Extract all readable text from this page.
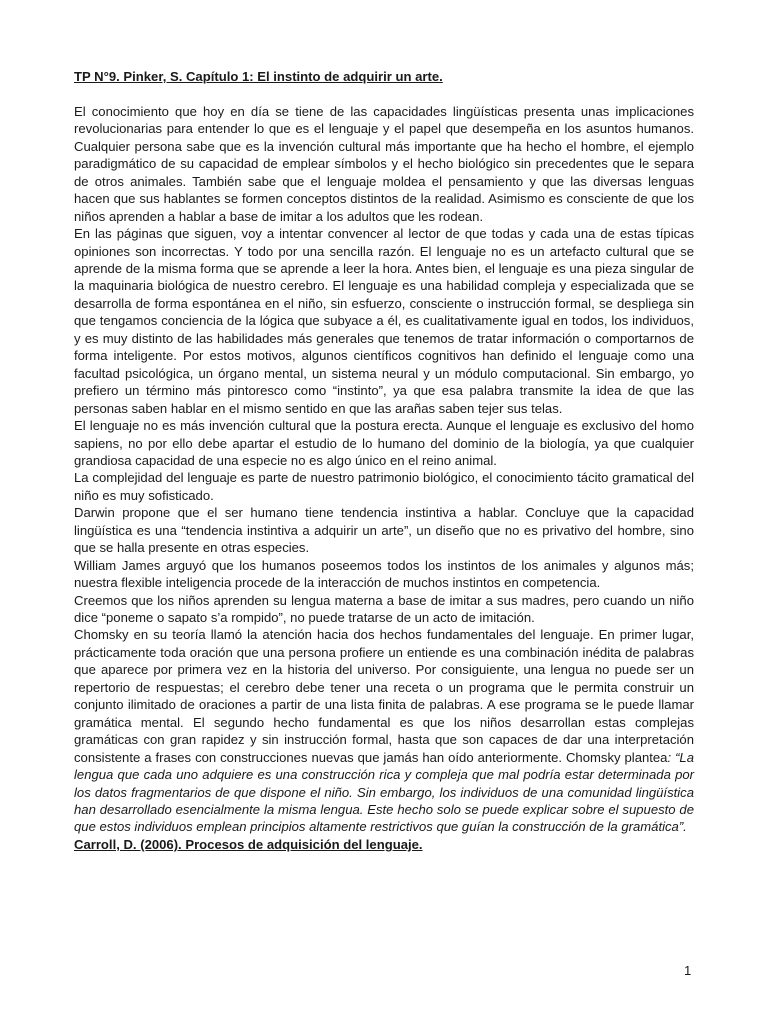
TP N°9. Pinker, S. Capítulo 1: El instinto de adquirir un arte.

El conocimiento que hoy en día se tiene de las capacidades lingüísticas presenta unas implicaciones revolucionarias para entender lo que es el lenguaje y el papel que desempeña en los asuntos humanos. Cualquier persona sabe que es la invención cultural más importante que ha hecho el hombre, el ejemplo paradigmático de su capacidad de emplear símbolos y el hecho biológico sin precedentes que le separa de otros animales. También sabe que el lenguaje moldea el pensamiento y que las diversas lenguas hacen que sus hablantes se formen conceptos distintos de la realidad. Asimismo es consciente de que los niños aprenden a hablar a base de imitar a los adultos que les rodean.

En las páginas que siguen, voy a intentar convencer al lector de que todas y cada una de estas típicas opiniones son incorrectas. Y todo por una sencilla razón. El lenguaje no es un artefacto cultural que se aprende de la misma forma que se aprende a leer la hora. Antes bien, el lenguaje es una pieza singular de la maquinaria biológica de nuestro cerebro. El lenguaje es una habilidad compleja y especializada que se desarrolla de forma espontánea en el niño, sin esfuerzo, consciente o instrucción formal, se despliega sin que tengamos conciencia de la lógica que subyace a él, es cualitativamente igual en todos, los individuos, y es muy distinto de las habilidades más generales que tenemos de tratar información o comportarnos de forma inteligente. Por estos motivos, algunos científicos cognitivos han definido el lenguaje como una facultad psicológica, un órgano mental, un sistema neural y un módulo computacional. Sin embargo, yo prefiero un término más pintoresco como “instinto”, ya que esa palabra transmite la idea de que las personas saben hablar en el mismo sentido en que las arañas saben tejer sus telas.

El lenguaje no es más invención cultural que la postura erecta. Aunque el lenguaje es exclusivo del homo sapiens, no por ello debe apartar el estudio de lo humano del dominio de la biología, ya que cualquier grandiosa capacidad de una especie no es algo único en el reino animal.

La complejidad del lenguaje es parte de nuestro patrimonio biológico, el conocimiento tácito gramatical del niño es muy sofisticado.

Darwin propone que el ser humano tiene tendencia instintiva a hablar. Concluye que la capacidad lingüística es una “tendencia instintiva a adquirir un arte”, un diseño que no es privativo del hombre, sino que se halla presente en otras especies.

William James arguyó que los humanos poseemos todos los instintos de los animales y algunos más; nuestra flexible inteligencia procede de la interacción de muchos instintos en competencia.

Creemos que los niños aprenden su lengua materna a base de imitar a sus madres, pero cuando un niño dice “poneme o sapato s’a rompido”, no puede tratarse de un acto de imitación.

Chomsky en su teoría llamó la atención hacia dos hechos fundamentales del lenguaje. En primer lugar, prácticamente toda oración que una persona profiere un entiende es una combinación inédita de palabras que aparece por primera vez en la historia del universo. Por consiguiente, una lengua no puede ser un repertorio de respuestas; el cerebro debe tener una receta o un programa que le permita construir un conjunto ilimitado de oraciones a partir de una lista finita de palabras. A ese programa se le puede llamar gramática mental. El segundo hecho fundamental es que los niños desarrollan estas complejas gramáticas con gran rapidez y sin instrucción formal, hasta que son capaces de dar una interpretación consistente a frases con construcciones nuevas que jamás han oído anteriormente. Chomsky plantea: “La lengua que cada uno adquiere es una construcción rica y compleja que mal podría estar determinada por los datos fragmentarios de que dispone el niño. Sin embargo, los individuos de una comunidad lingüística han desarrollado esencialmente la misma lengua. Este hecho solo se puede explicar sobre el supuesto de que estos individuos emplean principios altamente restrictivos que guían la construcción de la gramática”.

Carroll, D. (2006). Procesos de adquisición del lenguaje.

1
